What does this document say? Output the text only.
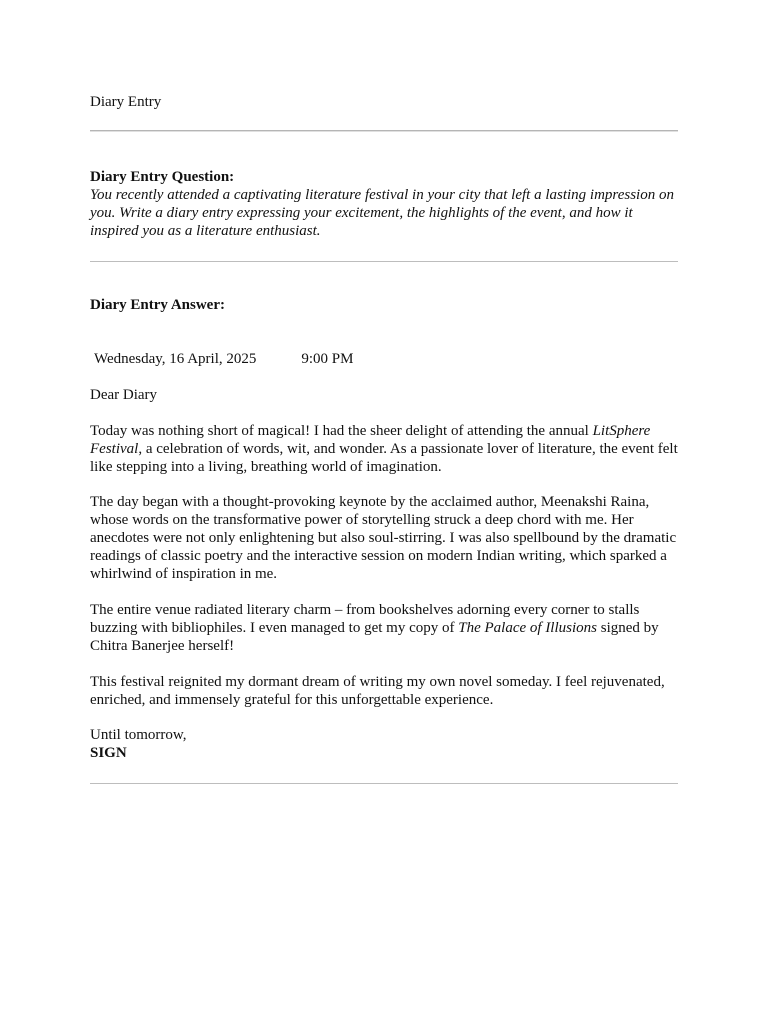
Diary Entry

Diary Entry Question:

You recently attended a captivating literature festival in your city that left a lasting impression on you. Write a diary entry expressing your excitement, the highlights of the event, and how it inspired you as a literature enthusiast.

Diary Entry Answer:

Wednesday, 16 April, 2025	9:00 PM

Dear Diary

Today was nothing short of magical! I had the sheer delight of attending the annual LitSphere Festival, a celebration of words, wit, and wonder. As a passionate lover of literature, the event felt like stepping into a living, breathing world of imagination.

The day began with a thought-provoking keynote by the acclaimed author, Meenakshi Raina, whose words on the transformative power of storytelling struck a deep chord with me. Her anecdotes were not only enlightening but also soul-stirring. I was also spellbound by the dramatic readings of classic poetry and the interactive session on modern Indian writing, which sparked a whirlwind of inspiration in me.

The entire venue radiated literary charm – from bookshelves adorning every corner to stalls buzzing with bibliophiles. I even managed to get my copy of The Palace of Illusions signed by Chitra Banerjee herself!

This festival reignited my dormant dream of writing my own novel someday. I feel rejuvenated, enriched, and immensely grateful for this unforgettable experience.

Until tomorrow,

SIGN
